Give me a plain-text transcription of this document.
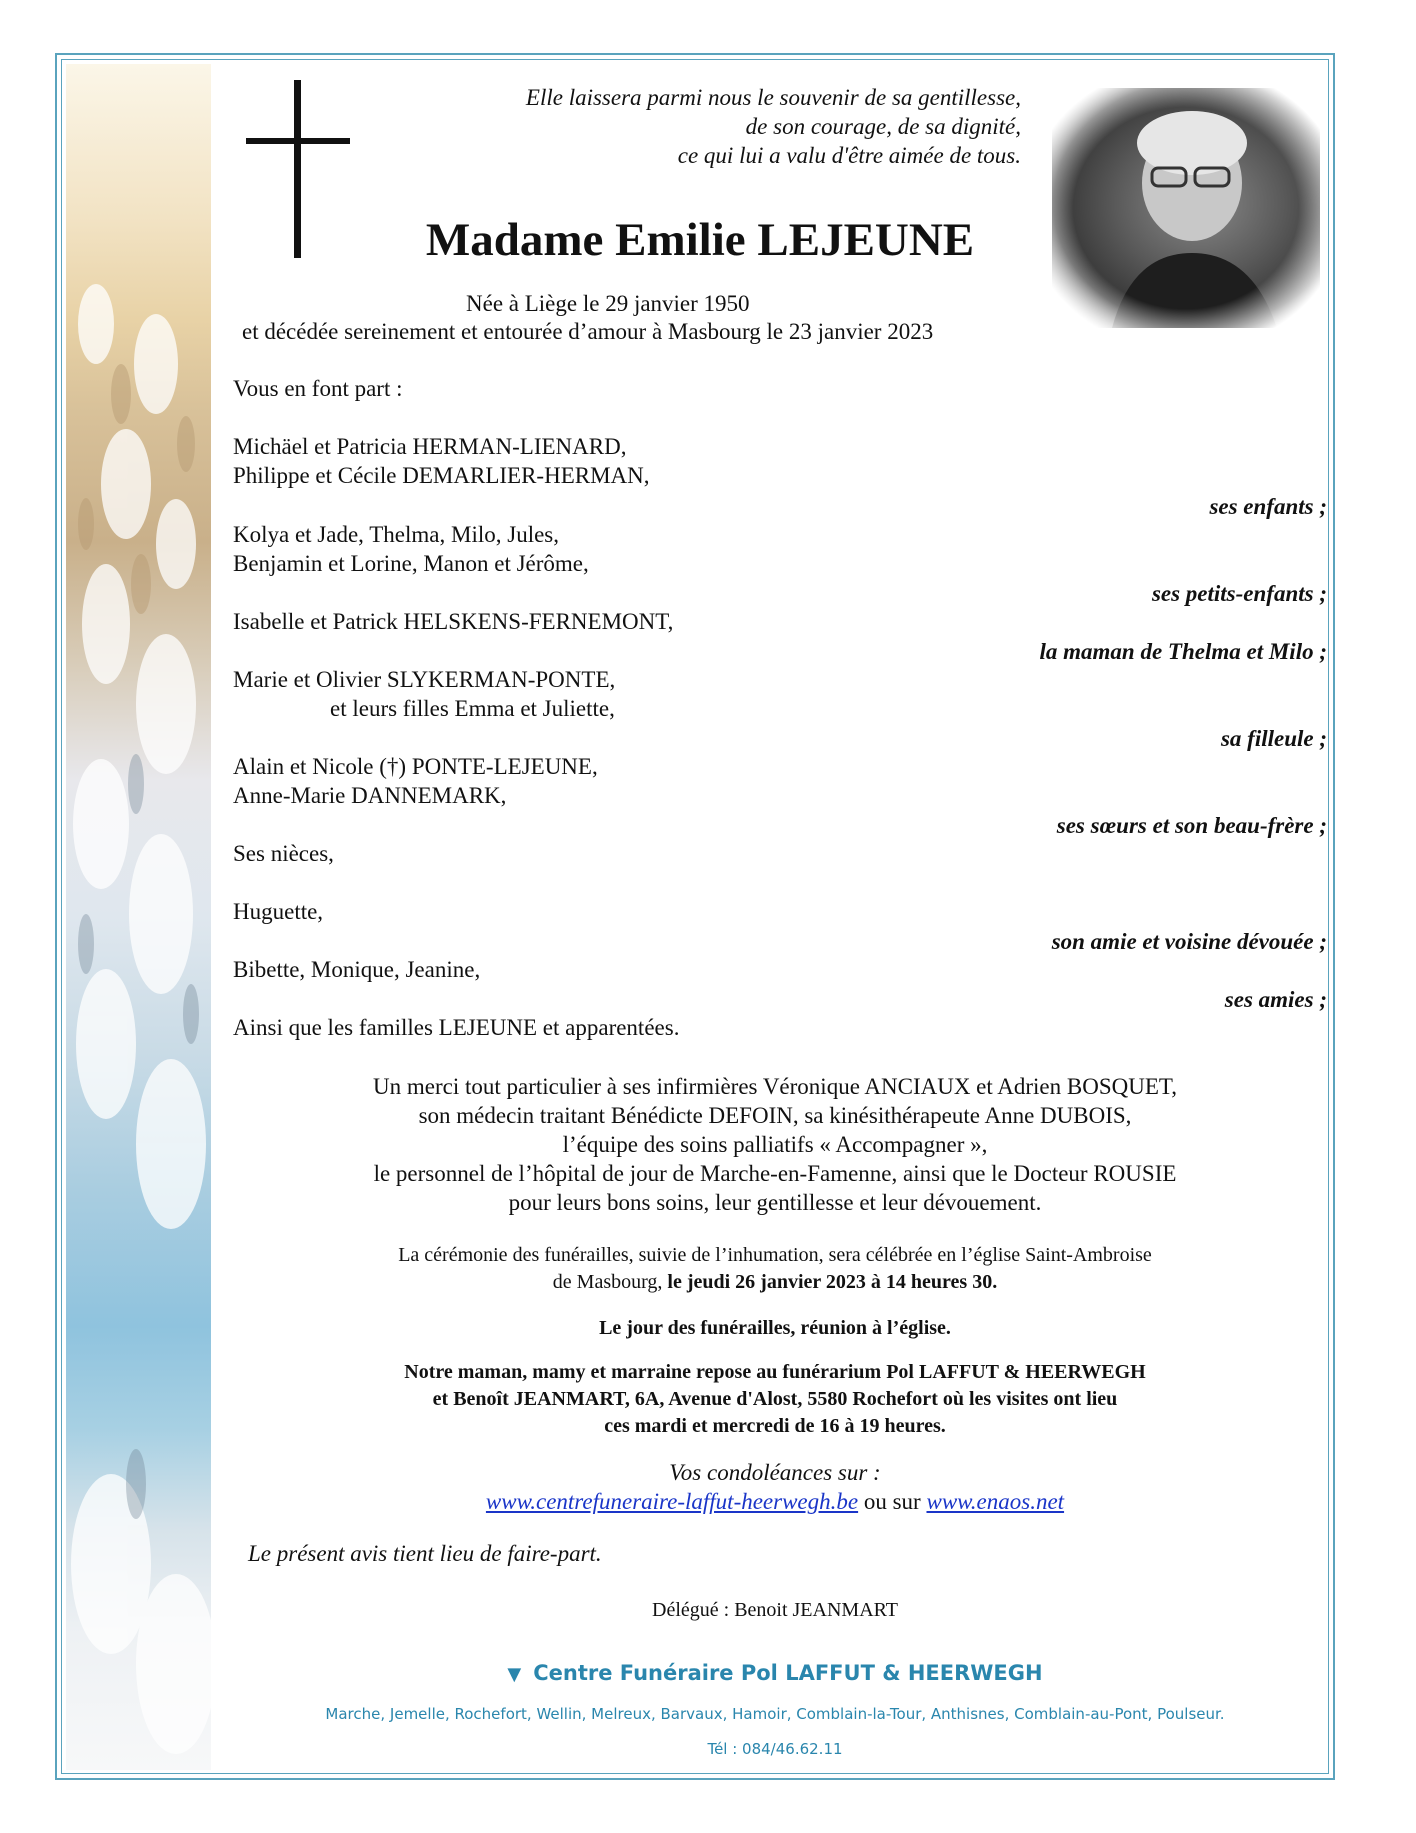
Elle laissera parmi nous le souvenir de sa gentillesse,
de son courage, de sa dignité,
ce qui lui a valu d'être aimée de tous.
Madame Emilie LEJEUNE
Née à Liège le 29 janvier 1950
et décédée sereinement et entourée d’amour à Masbourg le 23 janvier 2023
Vous en font part :
Michäel et Patricia HERMAN-LIENARD,
Philippe et Cécile DEMARLIER-HERMAN,
ses enfants ;
Kolya et Jade, Thelma, Milo, Jules,
Benjamin et Lorine, Manon et Jérôme,
ses petits-enfants ;
Isabelle et Patrick HELSKENS-FERNEMONT,
la maman de Thelma et Milo ;
Marie et Olivier SLYKERMAN-PONTE,
et leurs filles Emma et Juliette,
sa filleule ;
Alain et Nicole (†) PONTE-LEJEUNE,
Anne-Marie DANNEMARK,
ses sœurs et son beau-frère ;
Ses nièces,
Huguette,
son amie et voisine dévouée ;
Bibette, Monique, Jeanine,
ses amies ;
Ainsi que les familles LEJEUNE et apparentées.
Un merci tout particulier à ses infirmières Véronique ANCIAUX et Adrien BOSQUET,
son médecin traitant Bénédicte DEFOIN, sa kinésithérapeute Anne DUBOIS,
l’équipe des soins palliatifs « Accompagner »,
le personnel de l’hôpital de jour de Marche-en-Famenne, ainsi que le Docteur ROUSIE
pour leurs bons soins, leur gentillesse et leur dévouement.
La cérémonie des funérailles, suivie de l’inhumation, sera célébrée en l’église Saint-Ambroise
de Masbourg, le jeudi 26 janvier 2023 à 14 heures 30.
Le jour des funérailles, réunion à l’église.
Notre maman, mamy et marraine repose au funérarium Pol LAFFUT & HEERWEGH
et Benoît JEANMART, 6A, Avenue d'Alost, 5580 Rochefort où les visites ont lieu
ces mardi et mercredi de 16 à 19 heures.
Vos condoléances sur :
www.centrefuneraire-laffut-heerwegh.be ou sur www.enaos.net
Le présent avis tient lieu de faire-part.
Délégué : Benoit JEANMART
▼ Centre Funéraire Pol LAFFUT & HEERWEGH
Marche, Jemelle, Rochefort, Wellin, Melreux, Barvaux, Hamoir, Comblain-la-Tour, Anthisnes, Comblain-au-Pont, Poulseur.
Tél : 084/46.62.11
